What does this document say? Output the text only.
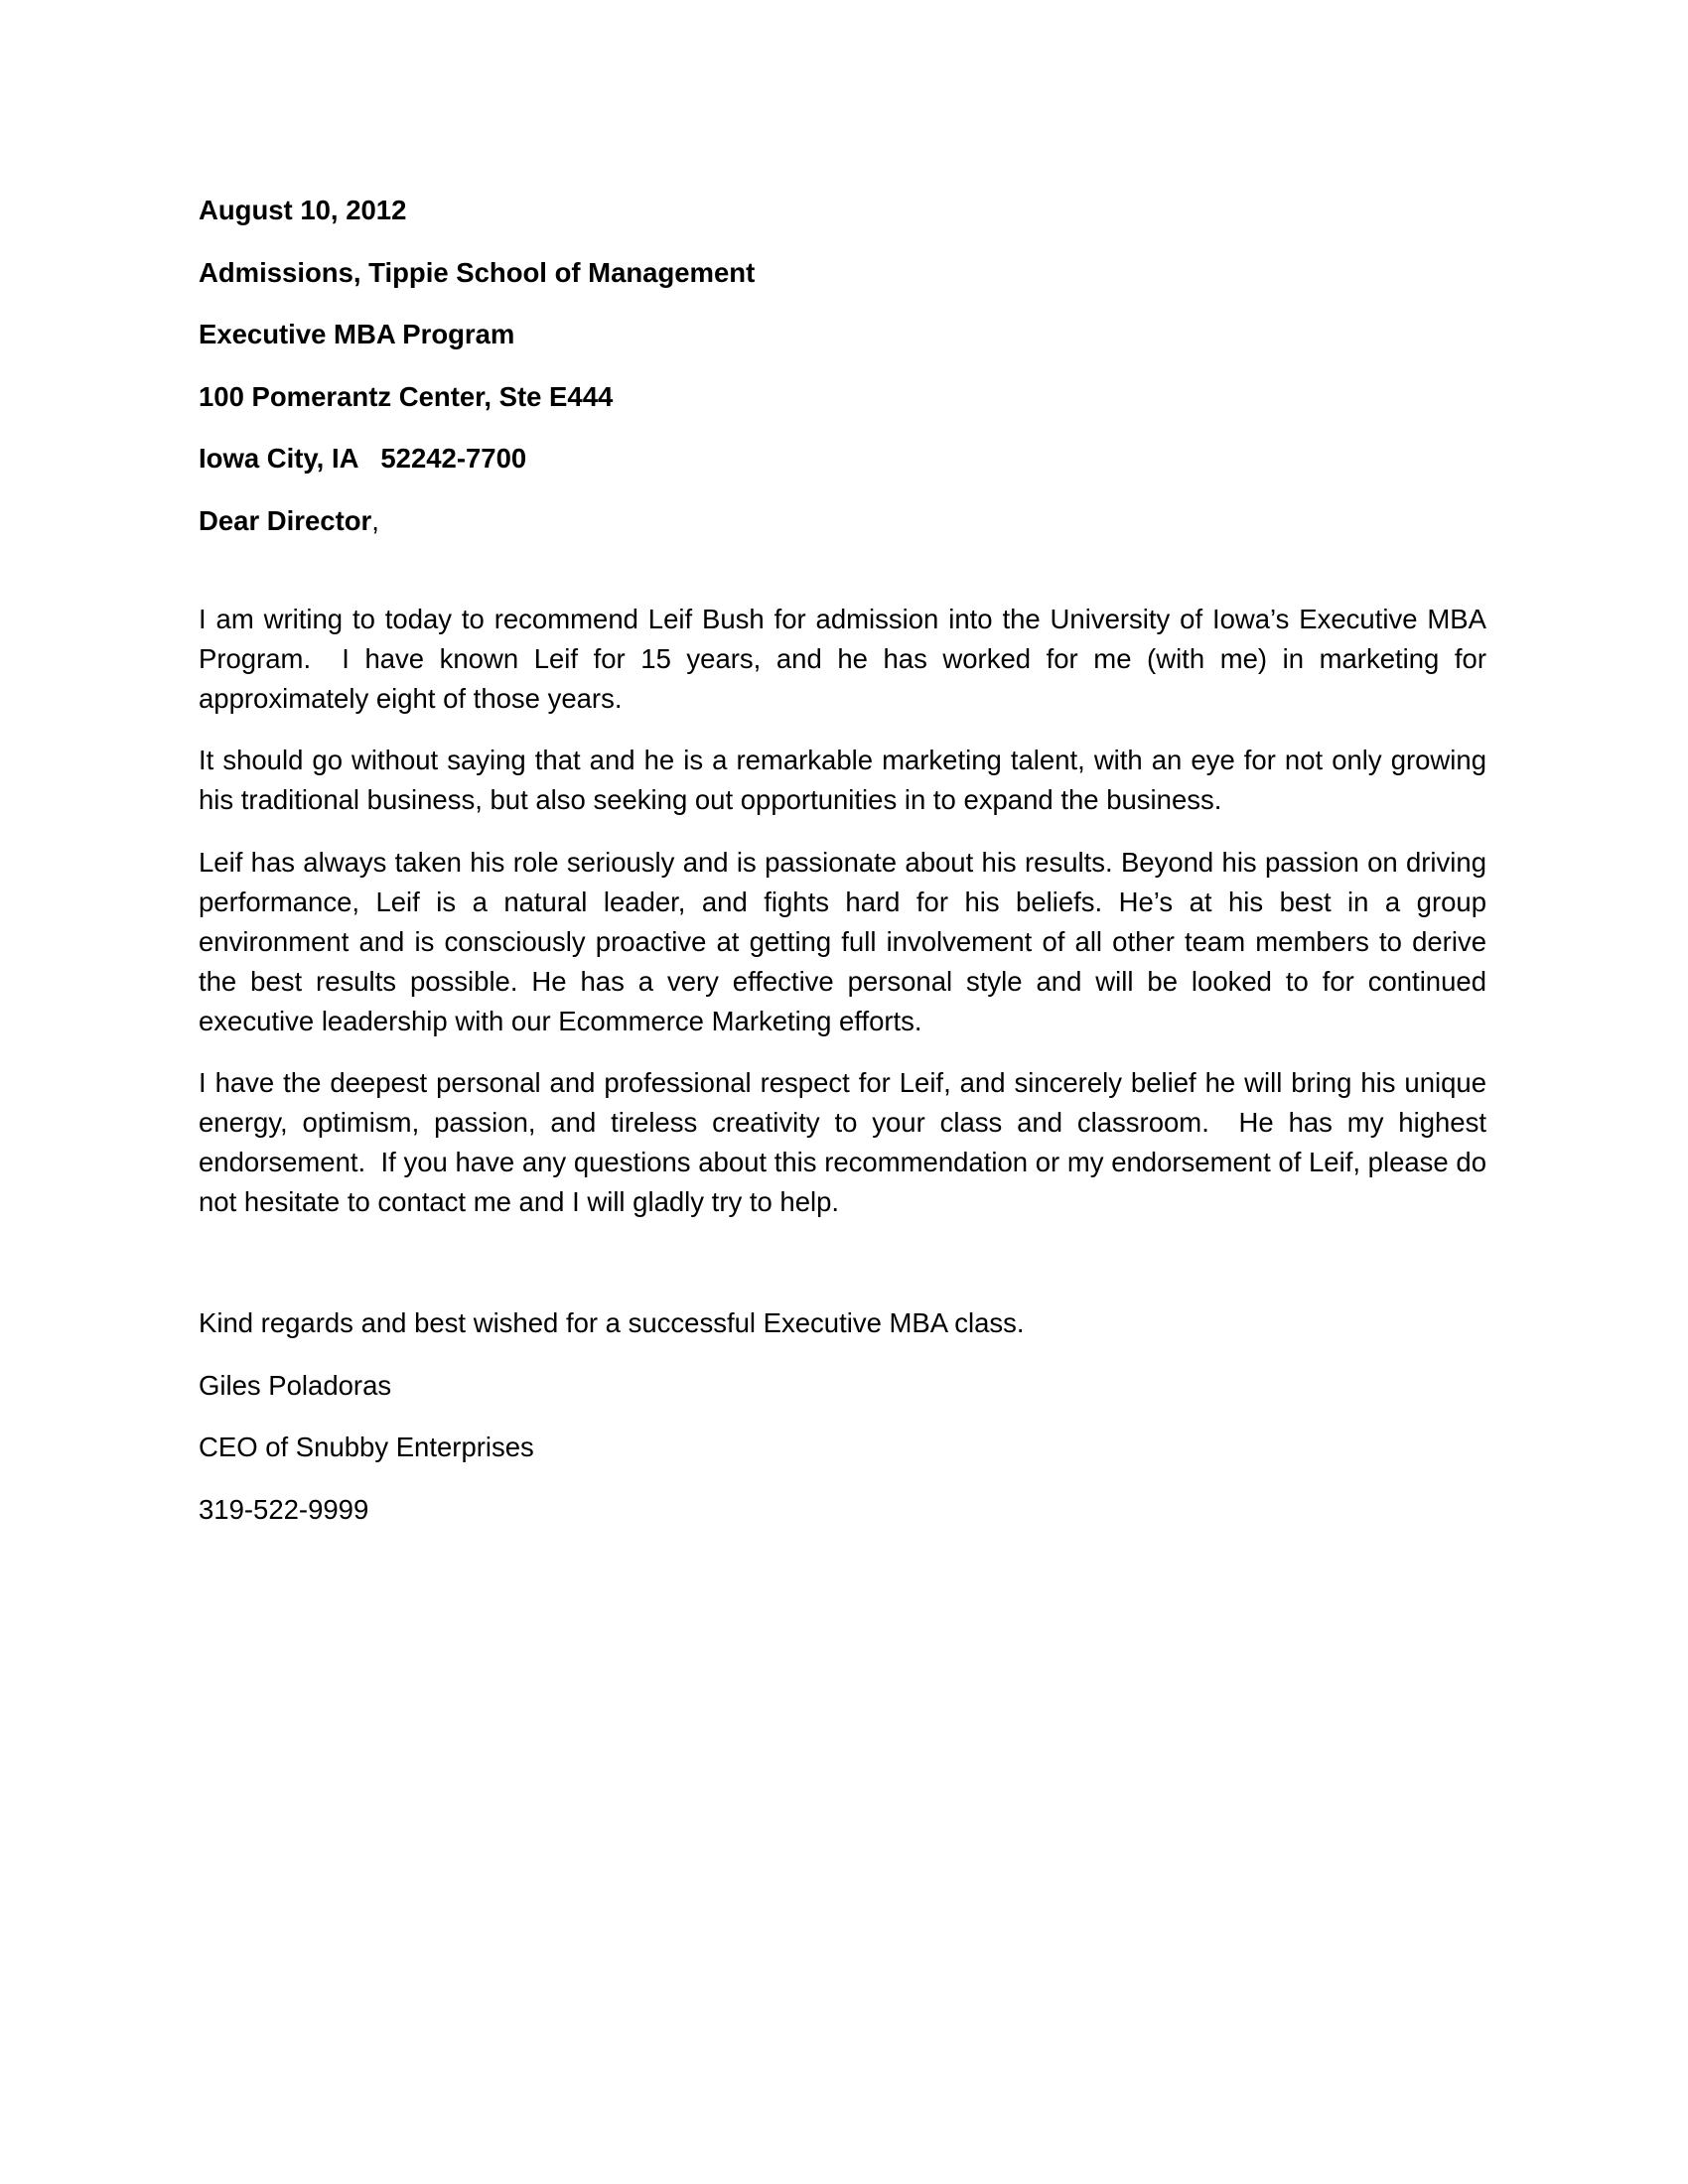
August 10, 2012
Admissions, Tippie School of Management
Executive MBA Program
100 Pomerantz Center, Ste E444
Iowa City, IA   52242-7700
Dear Director,

I am writing to today to recommend Leif Bush for admission into the University of Iowa’s Executive MBA Program.  I have known Leif for 15 years, and he has worked for me (with me) in marketing for approximately eight of those years.

It should go without saying that and he is a remarkable marketing talent, with an eye for not only growing his traditional business, but also seeking out opportunities in to expand the business.

Leif has always taken his role seriously and is passionate about his results. Beyond his passion on driving performance, Leif is a natural leader, and fights hard for his beliefs. He’s at his best in a group environment and is consciously proactive at getting full involvement of all other team members to derive the best results possible. He has a very effective personal style and will be looked to for continued executive leadership with our Ecommerce Marketing efforts.

I have the deepest personal and professional respect for Leif, and sincerely belief he will bring his unique energy, optimism, passion, and tireless creativity to your class and classroom.  He has my highest endorsement.  If you have any questions about this recommendation or my endorsement of Leif, please do not hesitate to contact me and I will gladly try to help.

Kind regards and best wished for a successful Executive MBA class.
Giles Poladoras
CEO of Snubby Enterprises
319-522-9999
